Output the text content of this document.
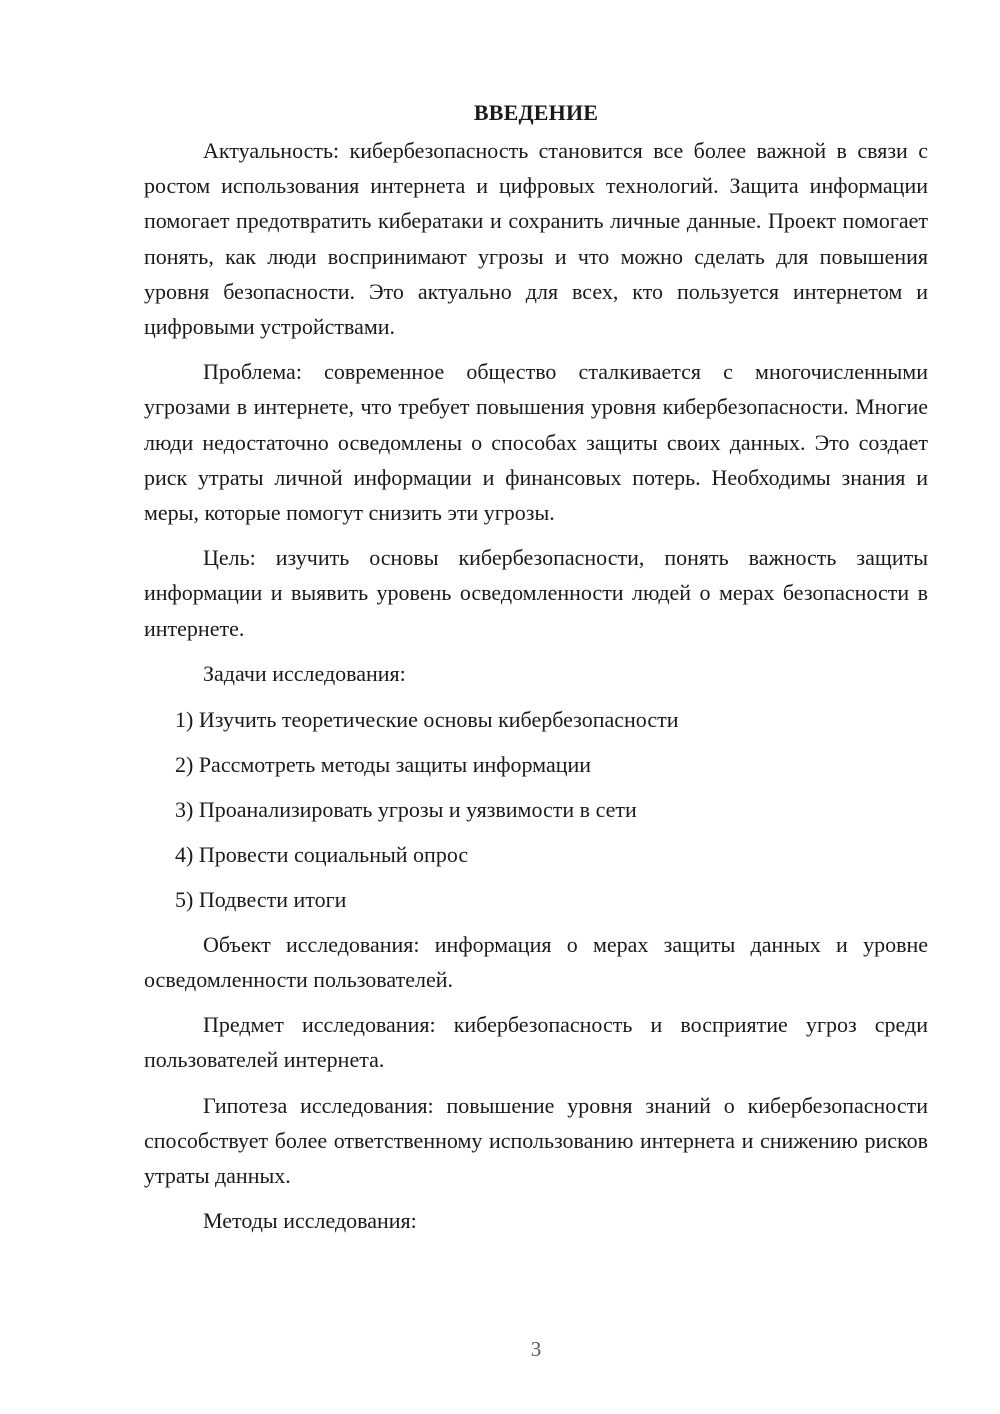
ВВЕДЕНИЕ

Актуальность: кибербезопасность становится все более важной в связи с ростом использования интернета и цифровых технологий. Защита информации помогает предотвратить кибератаки и сохранить личные данные. Проект помогает понять, как люди воспринимают угрозы и что можно сделать для повышения уровня безопасности. Это актуально для всех, кто пользуется интернетом и цифровыми устройствами.

Проблема: современное общество сталкивается с многочисленными угрозами в интернете, что требует повышения уровня кибербезопасности. Многие люди недостаточно осведомлены о способах защиты своих данных. Это создает риск утраты личной информации и финансовых потерь. Необходимы знания и меры, которые помогут снизить эти угрозы.

Цель: изучить основы кибербезопасности, понять важность защиты информации и выявить уровень осведомленности людей о мерах безопасности в интернете.

Задачи исследования:

1) Изучить теоретические основы кибербезопасности
2) Рассмотреть методы защиты информации
3) Проанализировать угрозы и уязвимости в сети
4) Провести социальный опрос
5) Подвести итоги

Объект исследования: информация о мерах защиты данных и уровне осведомленности пользователей.

Предмет исследования: кибербезопасность и восприятие угроз среди пользователей интернета.

Гипотеза исследования: повышение уровня знаний о кибербезопасности способствует более ответственному использованию интернета и снижению рисков утраты данных.

Методы исследования:

3
